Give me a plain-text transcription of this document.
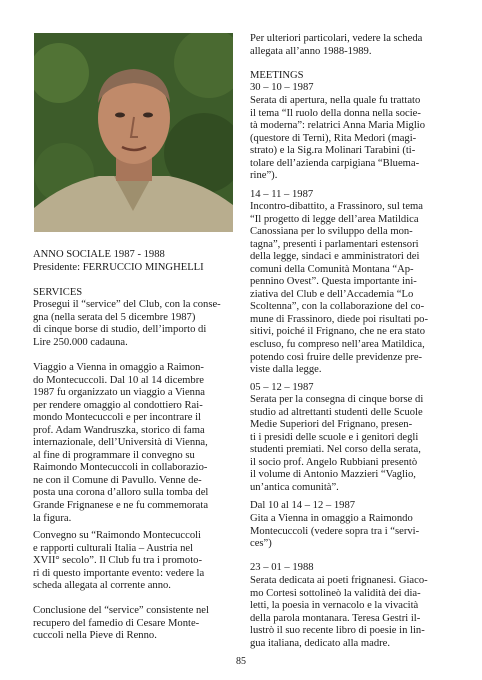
ANNO SOCIALE 1987 - 1988
Presidente: FERRUCCIO MINGHELLI

SERVICES

Prosegui il “service” del Club, con la conse-
gna (nella serata del 5 dicembre 1987)
di cinque borse di studio, dell’importo di
Lire 250.000 cadauna.

Viaggio a Vienna in omaggio a Raimon-
do Montecuccoli. Dal 10 al 14 dicembre
1987 fu organizzato un viaggio a Vienna
per rendere omaggio al condottiero Rai-
mondo Montecuccoli e per incontrare il
prof. Adam Wandruszka, storico di fama
internazionale, dell’Università di Vienna,
al fine di programmare il convegno su
Raimondo Montecuccoli in collaborazio-
ne con il Comune di Pavullo. Venne de-
posta una corona d’alloro sulla tomba del
Grande Frignanese e ne fu commemorata
la figura.

Convegno su “Raimondo Montecuccoli
e rapporti culturali Italia – Austria nel
XVII° secolo”. Il Club fu tra i promoto-
ri di questo importante evento: vedere la
scheda allegata al corrente anno.

Conclusione del “service” consistente nel
recupero del famedio di Cesare Monte-
cuccoli nella Pieve di Renno.

Per ulteriori particolari, vedere la scheda
allegata all’anno 1988-1989.

MEETINGS

30 – 10 – 1987

Serata di apertura, nella quale fu trattato
il tema “Il ruolo della donna nella socie-
tà moderna”: relatrici Anna Maria Miglio
(questore di Terni), Rita Medori (magi-
strato) e la Sig.ra Molinari Tarabini (ti-
tolare dell’azienda carpigiana “Bluema-
rine”).

14 – 11 – 1987

Incontro-dibattito, a Frassinoro, sul tema
“Il progetto di legge dell’area Matildica
Canossiana per lo sviluppo della mon-
tagna”, presenti i parlamentari estensori
della legge, sindaci e amministratori dei
comuni della Comunità Montana “Ap-
pennino Ovest”. Questa importante ini-
ziativa del Club e dell’Accademia “Lo
Scoltenna”, con la collaborazione del co-
mune di Frassinoro, diede poi risultati po-
sitivi, poiché il Frignano, che ne era stato
escluso, fu compreso nell’area Matildica,
potendo così fruire delle previdenze pre-
viste dalla legge.

05 – 12 – 1987

Serata per la consegna di cinque borse di
studio ad altrettanti studenti delle Scuole
Medie Superiori del Frignano, presen-
ti i presidi delle scuole e i genitori degli
studenti premiati. Nel corso della serata,
il socio prof. Angelo Rubbiani presentò
il volume di Antonio Mazzieri “Vaglio,
un’antica comunità”.

Dal 10 al 14 – 12 – 1987

Gita a Vienna in omaggio a Raimondo
Montecuccoli (vedere sopra tra i “servi-
ces”)

23 – 01 – 1988

Serata dedicata ai poeti frignanesi. Giaco-
mo Cortesi sottolineò la validità dei dia-
letti, la poesia in vernacolo e la vivacità
della parola montanara. Teresa Gestri il-
lustrò il suo recente libro di poesie in lin-
gua italiana, dedicato alla madre.

85
